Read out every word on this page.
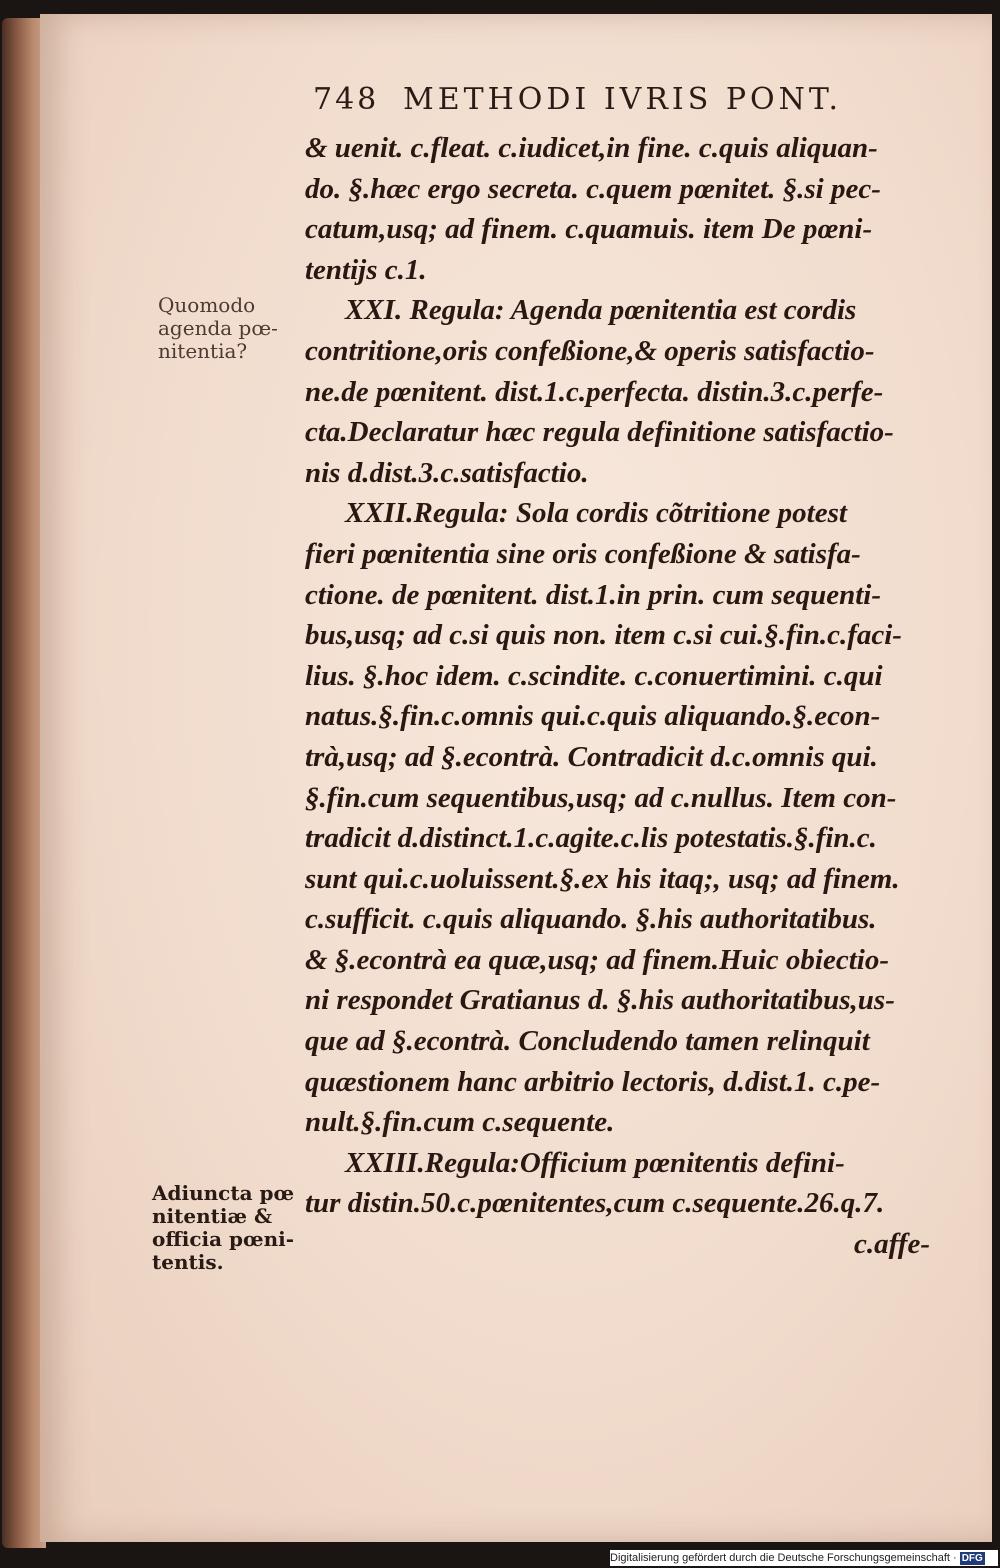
748 METHODI IVRIS PONT.
Quomodo
agenda pœ-
nitentia?
Adiuncta pœ
nitentiæ &
officia pœni-
tentis.
& uenit. c.fleat. c.iudicet,in fine. c.quis aliquan-
do. §.hæc ergo secreta. c.quem pœnitet. §.si pec-
catum,usq; ad finem. c.quamuis. item De pœni-
tentijs c.1.
XXI. Regula: Agenda pœnitentia est cordis
contritione,oris confeßione,& operis satisfactio-
ne.de pœnitent. dist.1.c.perfecta. distin.3.c.perfe-
cta.Declaratur hæc regula definitione satisfactio-
nis d.dist.3.c.satisfactio.
XXII.Regula: Sola cordis cõtritione potest
fieri pœnitentia sine oris confeßione & satisfa-
ctione. de pœnitent. dist.1.in prin. cum sequenti-
bus,usq; ad c.si quis non. item c.si cui.§.fin.c.faci-
lius. §.hoc idem. c.scindite. c.conuertimini. c.qui
natus.§.fin.c.omnis qui.c.quis aliquando.§.econ-
trà,usq; ad §.econtrà. Contradicit d.c.omnis qui.
§.fin.cum sequentibus,usq; ad c.nullus. Item con-
tradicit d.distinct.1.c.agite.c.lis potestatis.§.fin.c.
sunt qui.c.uoluissent.§.ex his itaq;, usq; ad finem.
c.sufficit. c.quis aliquando. §.his authoritatibus.
& §.econtrà ea quæ,usq; ad finem.Huic obiectio-
ni respondet Gratianus d. §.his authoritatibus,us-
que ad §.econtrà. Concludendo tamen relinquit
quæstionem hanc arbitrio lectoris, d.dist.1. c.pe-
nult.§.fin.cum c.sequente.
XXIII.Regula:Officium pœnitentis defini-
tur distin.50.c.pœnitentes,cum c.sequente.26.q.7.
c.affe-
Digitalisierung gefördert durch die Deutsche Forschungsgemeinschaft · DFG
